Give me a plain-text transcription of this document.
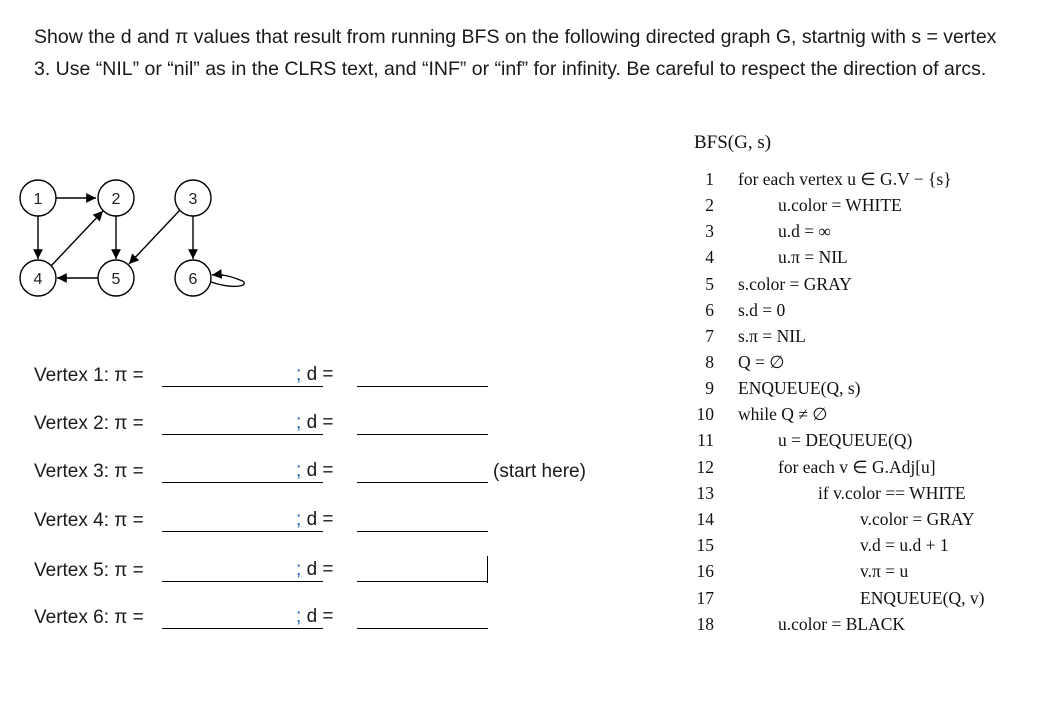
Show the d and π values that result from running BFS on the following directed graph G, startnig with s = vertex 3. Use “NIL” or “nil” as in the CLRS text, and “INF” or “inf” for infinity. Be careful to respect the direction of arcs.

1	2	3
4	5	6
Vertex 1: π =	; d =
Vertex 2: π =	; d =
Vertex 3: π =	; d =	(start here)
Vertex 4: π =	; d =
Vertex 5: π =	; d =
Vertex 6: π =	; d =
BFS(G, s)
1 for each vertex u ∈ G.V − {s}
2	u.color = WHITE
3	u.d = ∞
4	u.π = NIL
5 s.color = GRAY
6 s.d = 0
7 s.π = NIL
8 Q = ∅
9 ENQUEUE(Q, s)
10 while Q ≠ ∅
11	u = DEQUEUE(Q)
12	for each v ∈ G.Adj[u]
13	if v.color == WHITE
14	v.color = GRAY
15	v.d = u.d + 1
16	v.π = u
17	ENQUEUE(Q, v)
18	u.color = BLACK
